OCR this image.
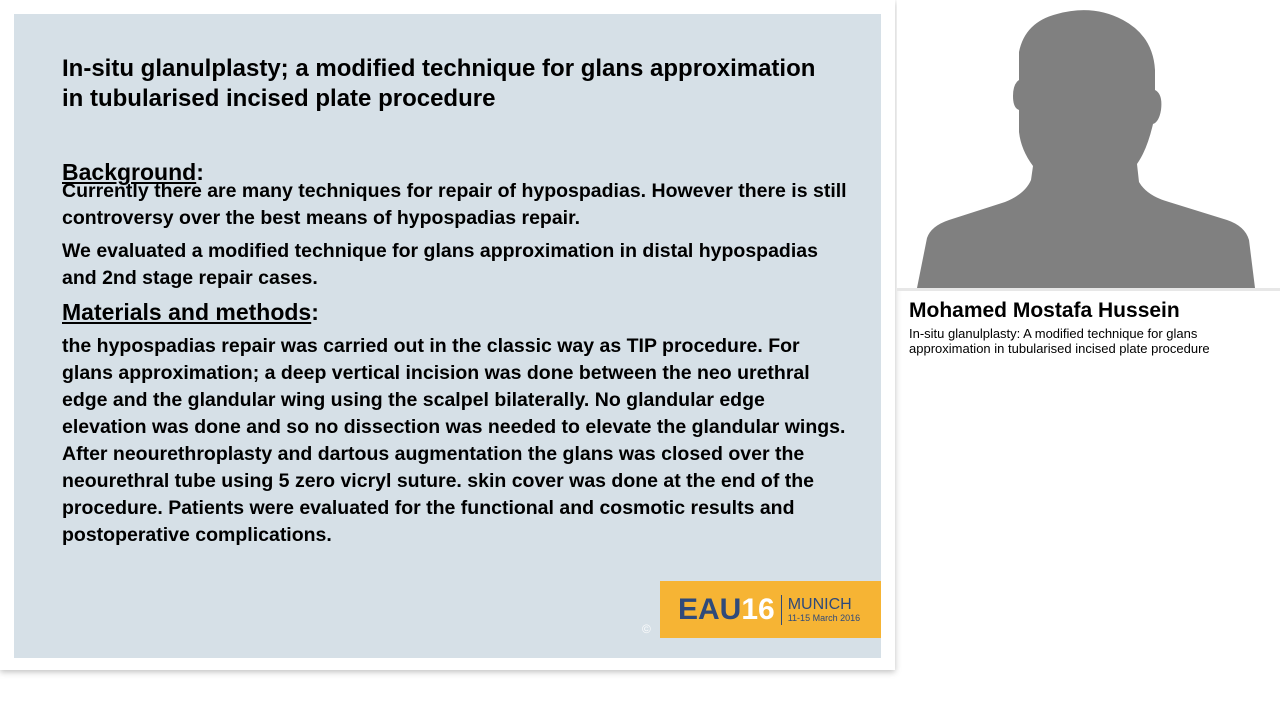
In-situ glanulplasty; a modified technique for glans approximation in tubularised incised plate procedure
Background:

Currently there are many techniques for repair of hypospadias. However there is still controversy over the best means of hypospadias repair.

We evaluated a modified technique for glans approximation in distal hypospadias and 2nd stage repair cases.

Materials and methods:

the hypospadias repair was carried out in the classic way as TIP procedure. For glans approximation; a deep vertical incision was done between the neo urethral edge and the glandular wing using the scalpel bilaterally. No glandular edge elevation was done and so no dissection was needed to elevate the glandular wings. After neourethroplasty and dartous augmentation the glans was closed over the neourethral tube using 5 zero vicryl suture. skin cover was done at the end of the procedure. Patients were evaluated for the functional and cosmotic results and postoperative complications.

©
EAU16 MUNICH
11-15 March 2016
Mohamed Mostafa Hussein

In-situ glanulplasty: A modified technique for glans approximation in tubularised incised plate procedure
